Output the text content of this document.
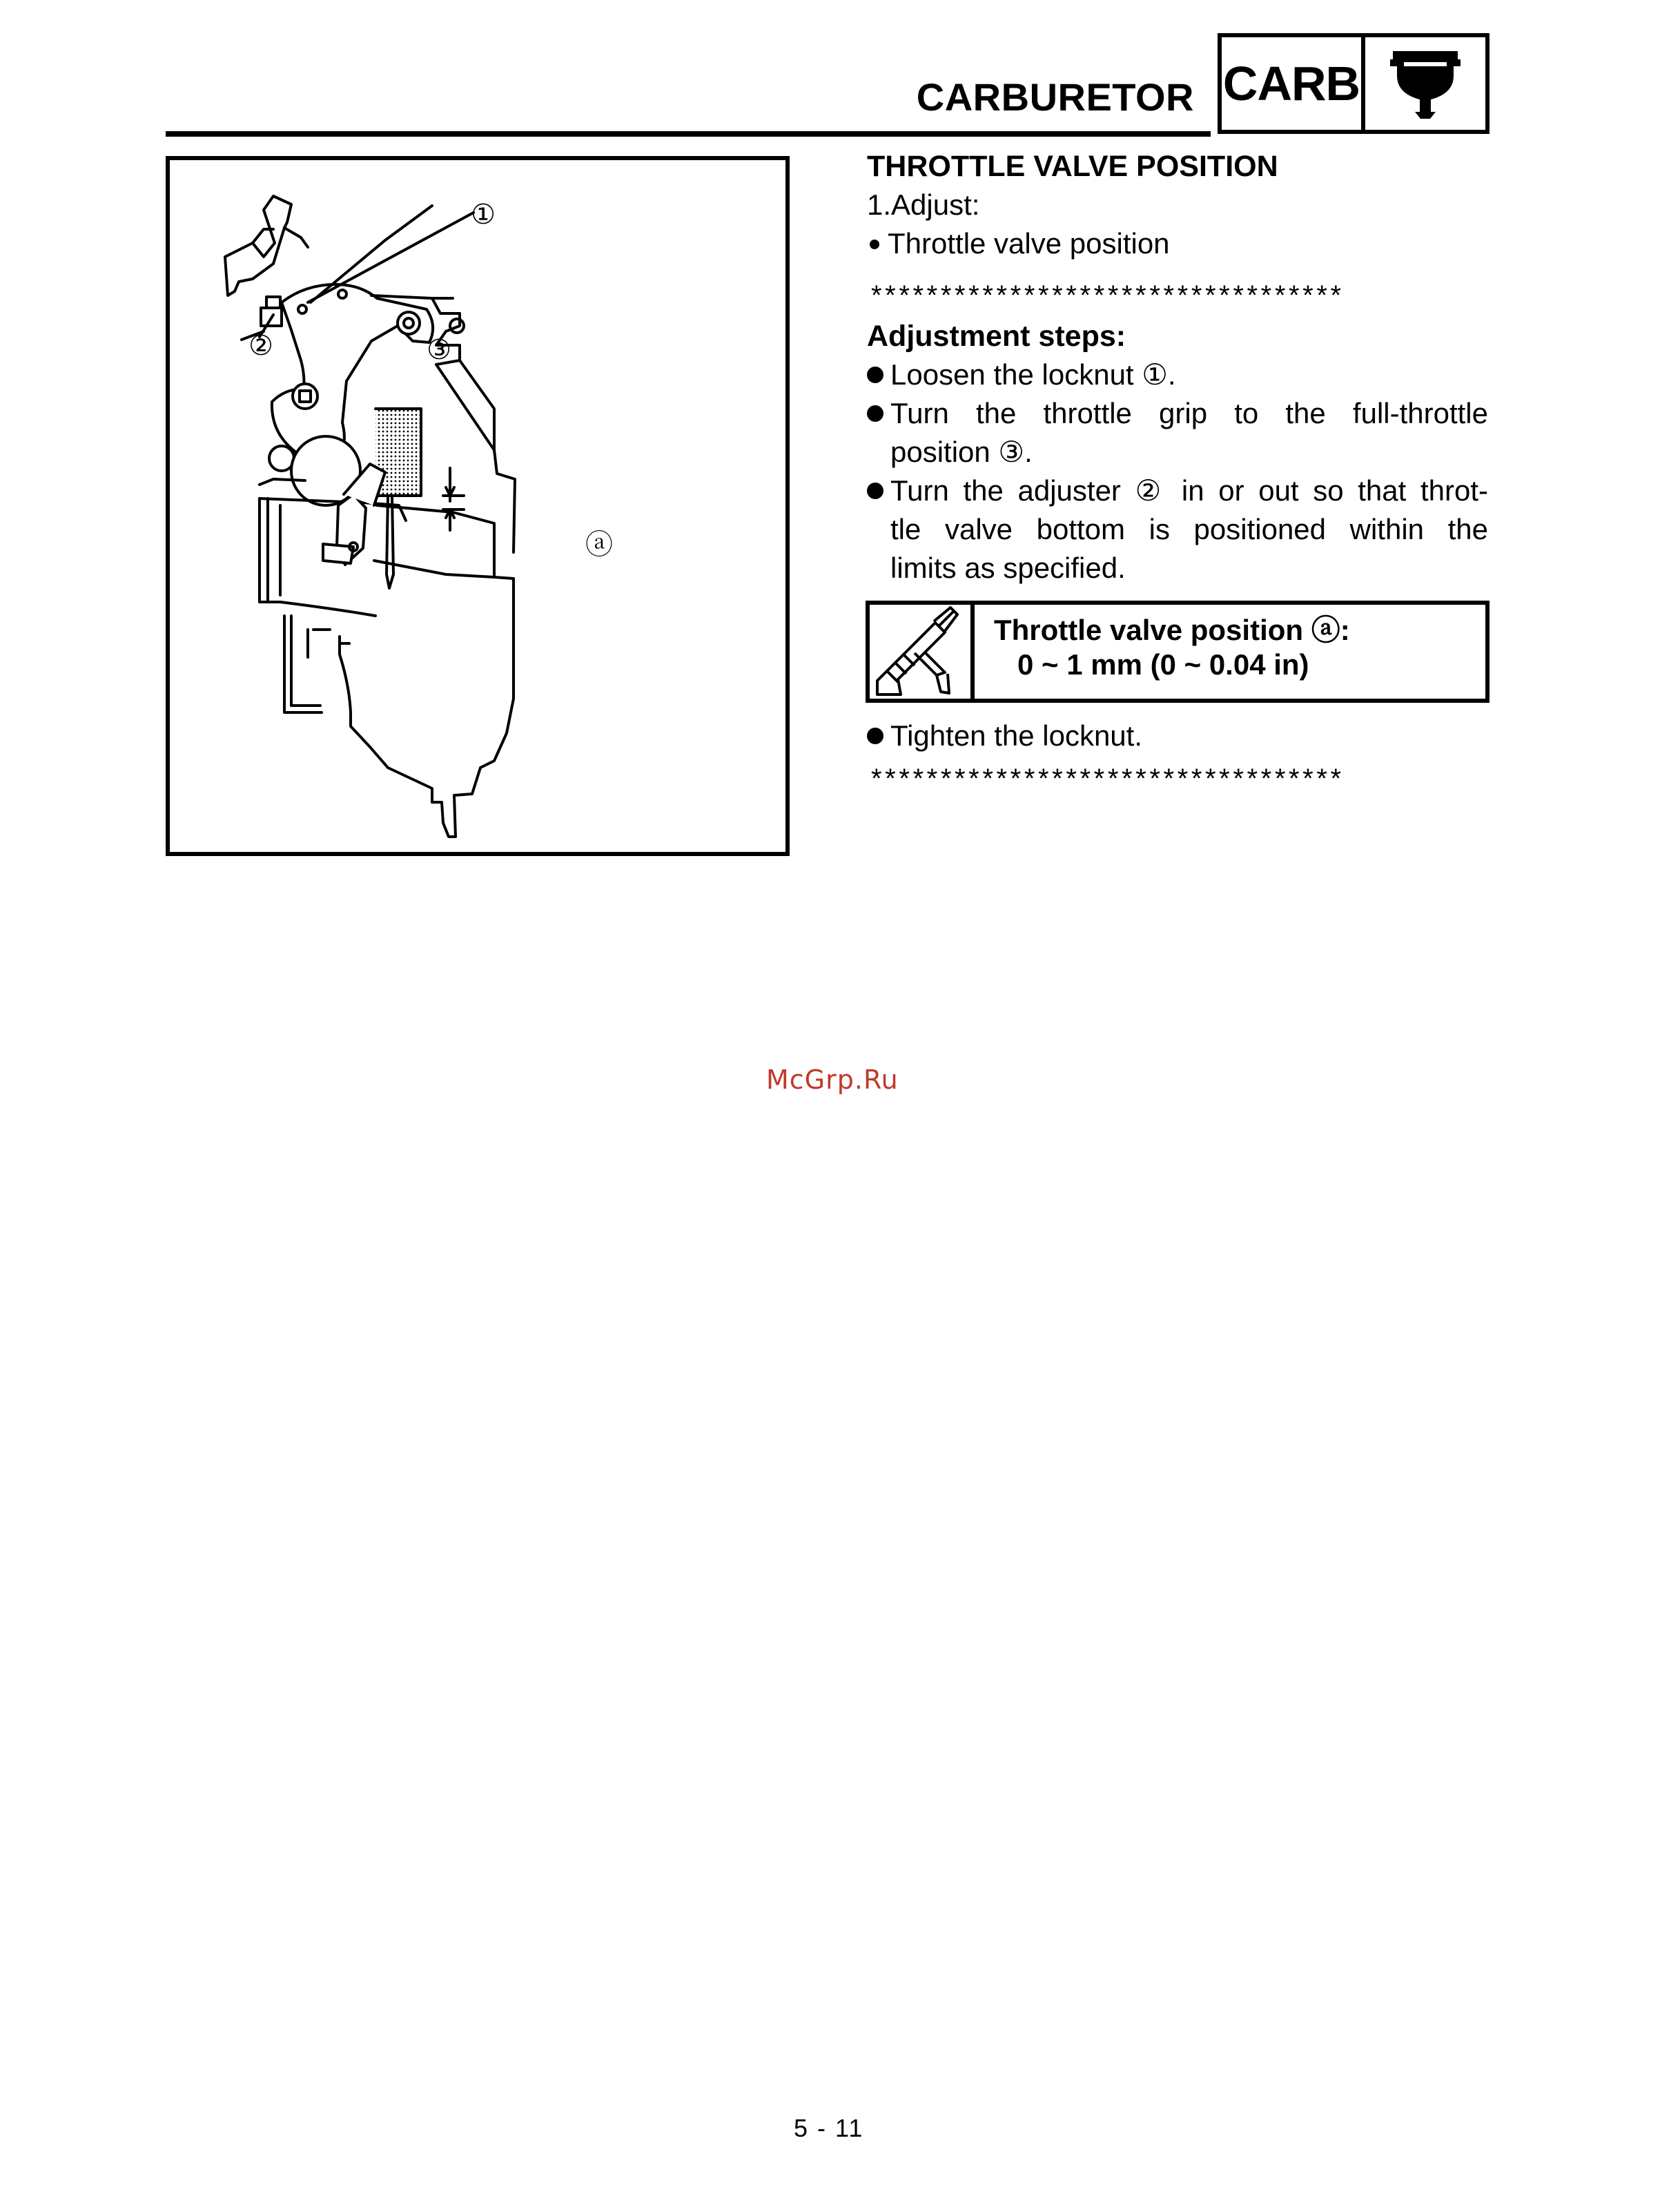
CARBURETOR CARB
①
②	③
ⓐ
THROTTLE VALVE POSITION
1.Adjust:
Throttle valve position
**********************************
Adjustment steps:
Loosen the locknut ①.
Turn the throttle grip to the full-throttle
position ③.
Turn the adjuster ② in or out so that throt-
tle valve bottom is positioned within the
limits as specified.
Throttle valve position ⓐ:
0 ~ 1 mm (0 ~ 0.04 in)
Tighten the locknut.
**********************************
McGrp.Ru
5 - 11
